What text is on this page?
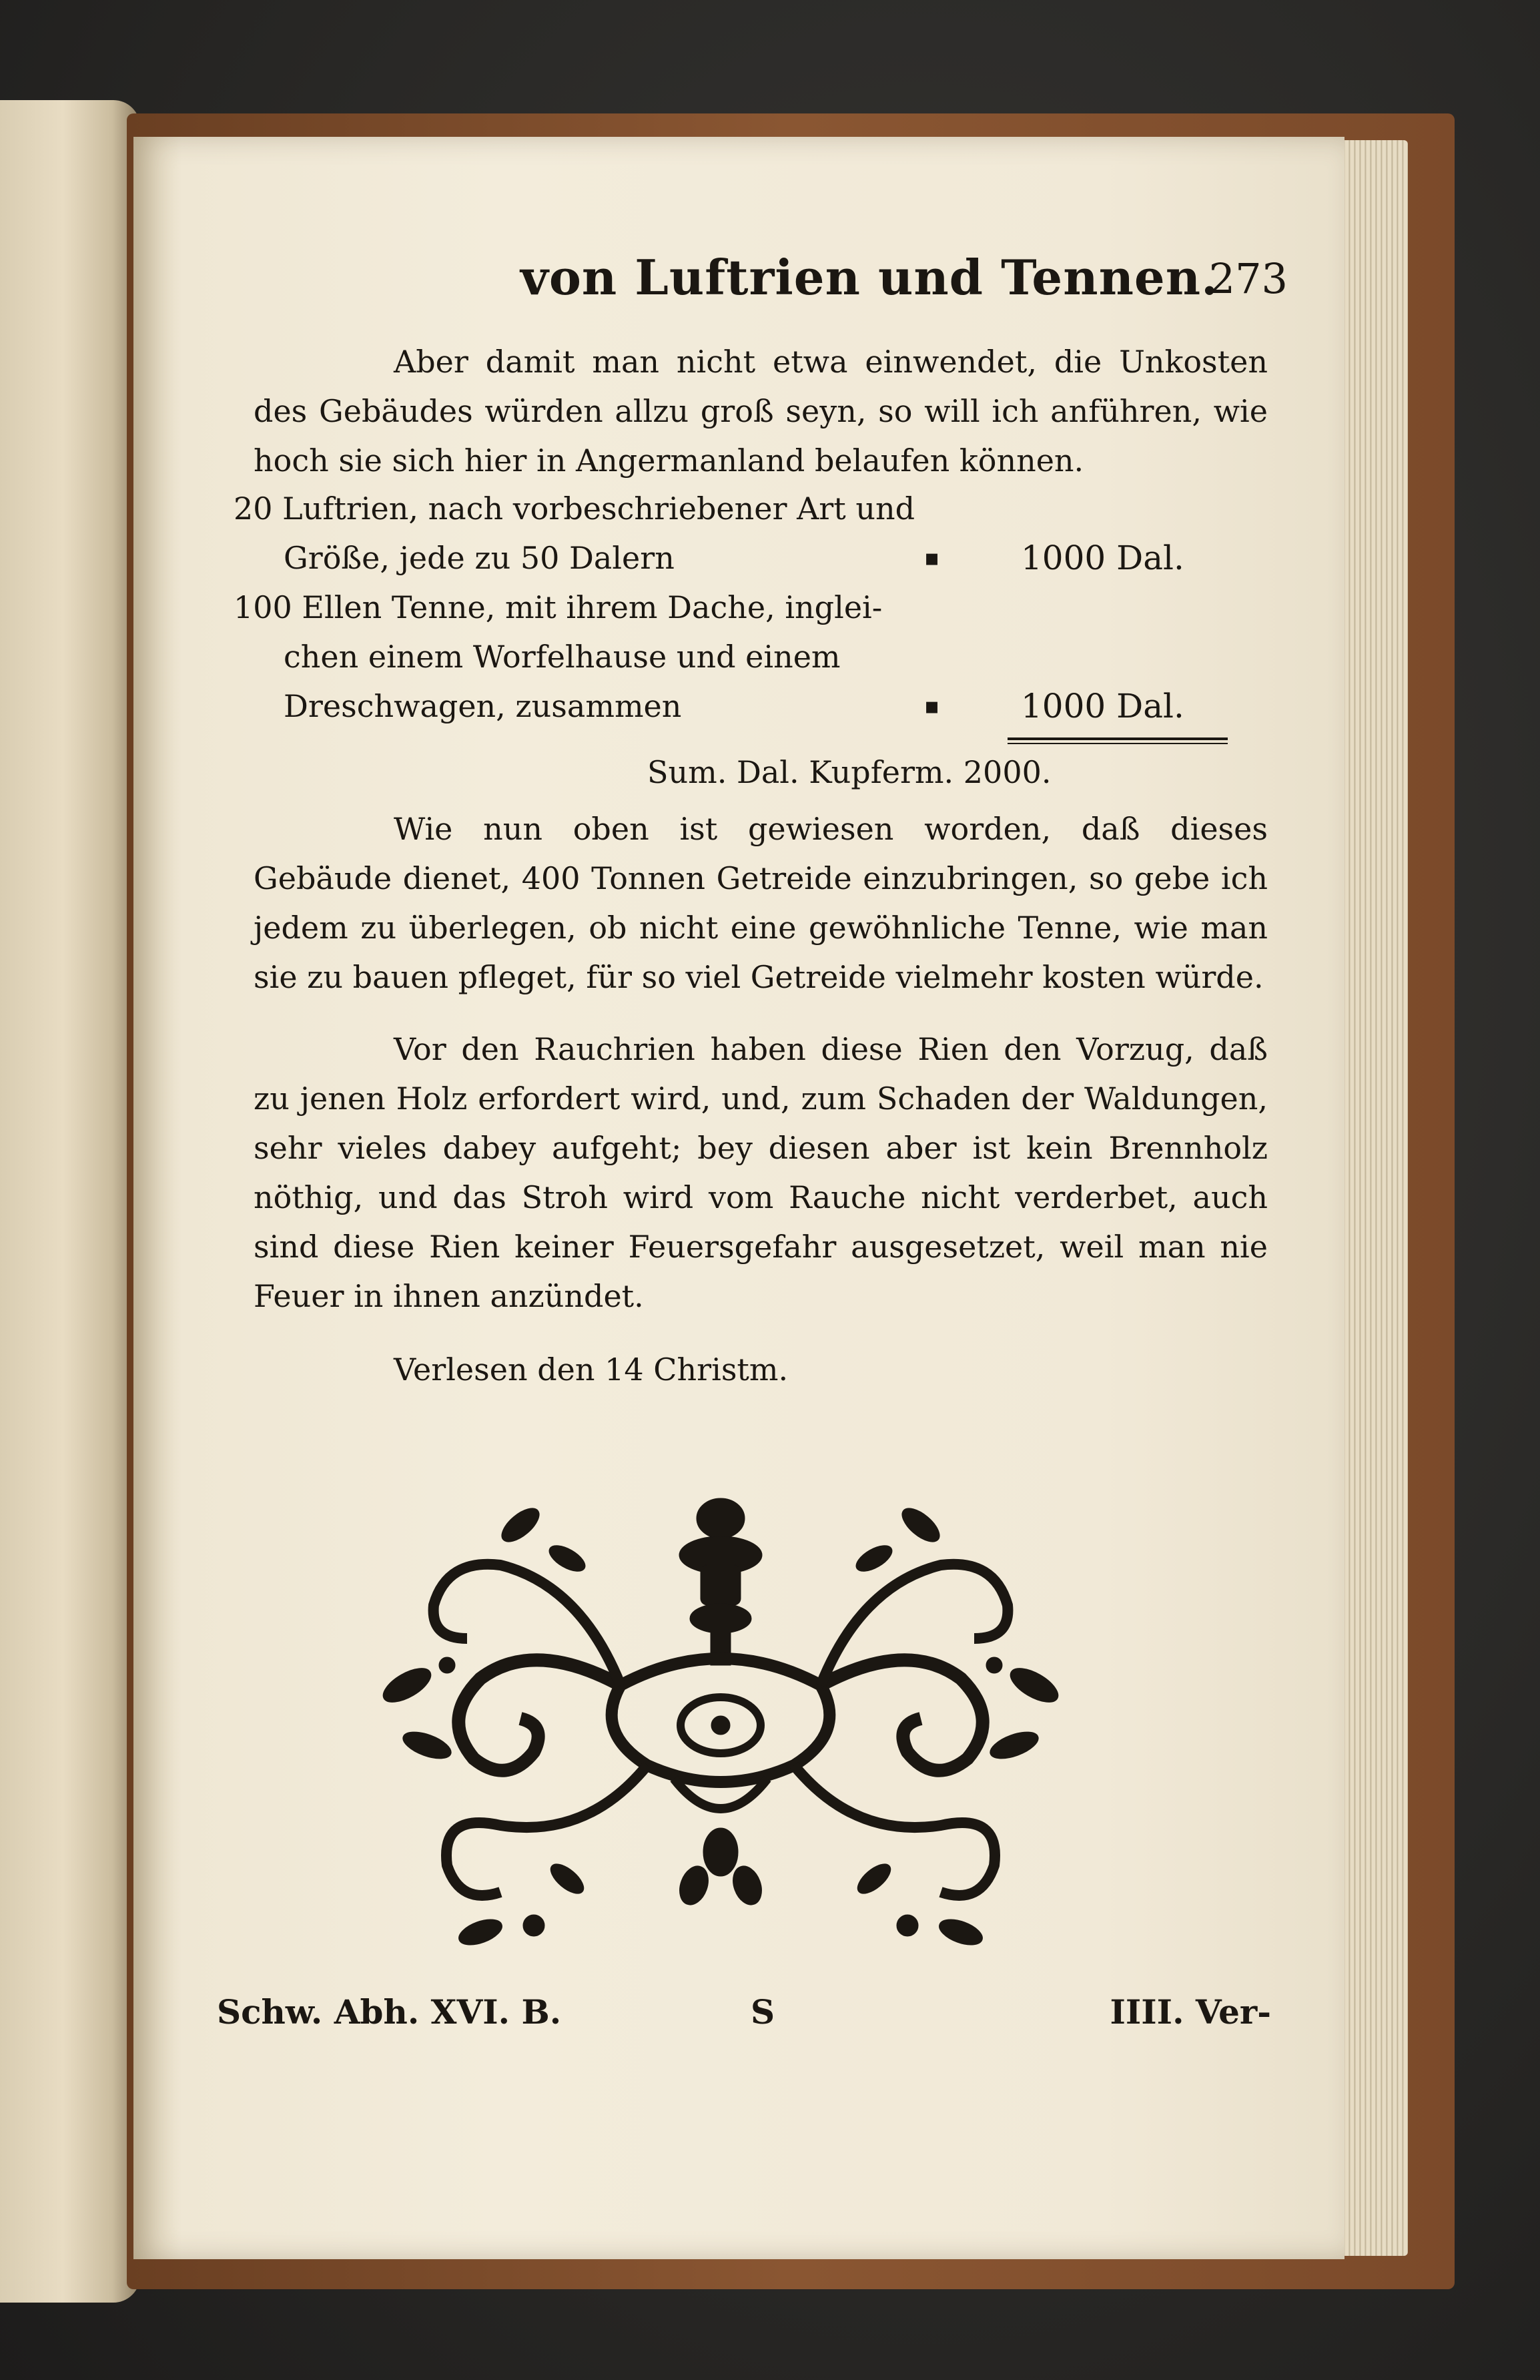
von Luftrien und Tennen.
273
Aber damit man nicht etwa einwendet, die Unkosten des Gebäudes würden allzu groß seyn, so will ich anführen, wie hoch sie sich hier in Angermanland belaufen können.
20 Luftrien, nach vorbeschriebener Art und
Größe, jede zu 50 Dalern	▪ 1000 Dal.
100 Ellen Tenne, mit ihrem Dache, inglei-
chen einem Worfelhause und einem
Dreschwagen, zusammen	▪ 1000 Dal.
Sum. Dal. Kupferm. 2000.
Wie nun oben ist gewiesen worden, daß dieses Gebäude dienet, 400 Tonnen Getreide einzubringen, so gebe ich jedem zu überlegen, ob nicht eine gewöhnliche Tenne, wie man sie zu bauen pfleget, für so viel Getreide vielmehr kosten würde.
Vor den Rauchrien haben diese Rien den Vorzug, daß zu jenen Holz erfordert wird, und, zum Schaden der Waldungen, sehr vieles dabey aufgeht; bey diesen aber ist kein Brennholz nöthig, und das Stroh wird vom Rauche nicht verderbet, auch sind diese Rien keiner Feuersgefahr ausgesetzet, weil man nie Feuer in ihnen anzündet.
Verlesen den 14 Christm.
Schw. Abh. XVI. B.	S	IIII. Ver-
